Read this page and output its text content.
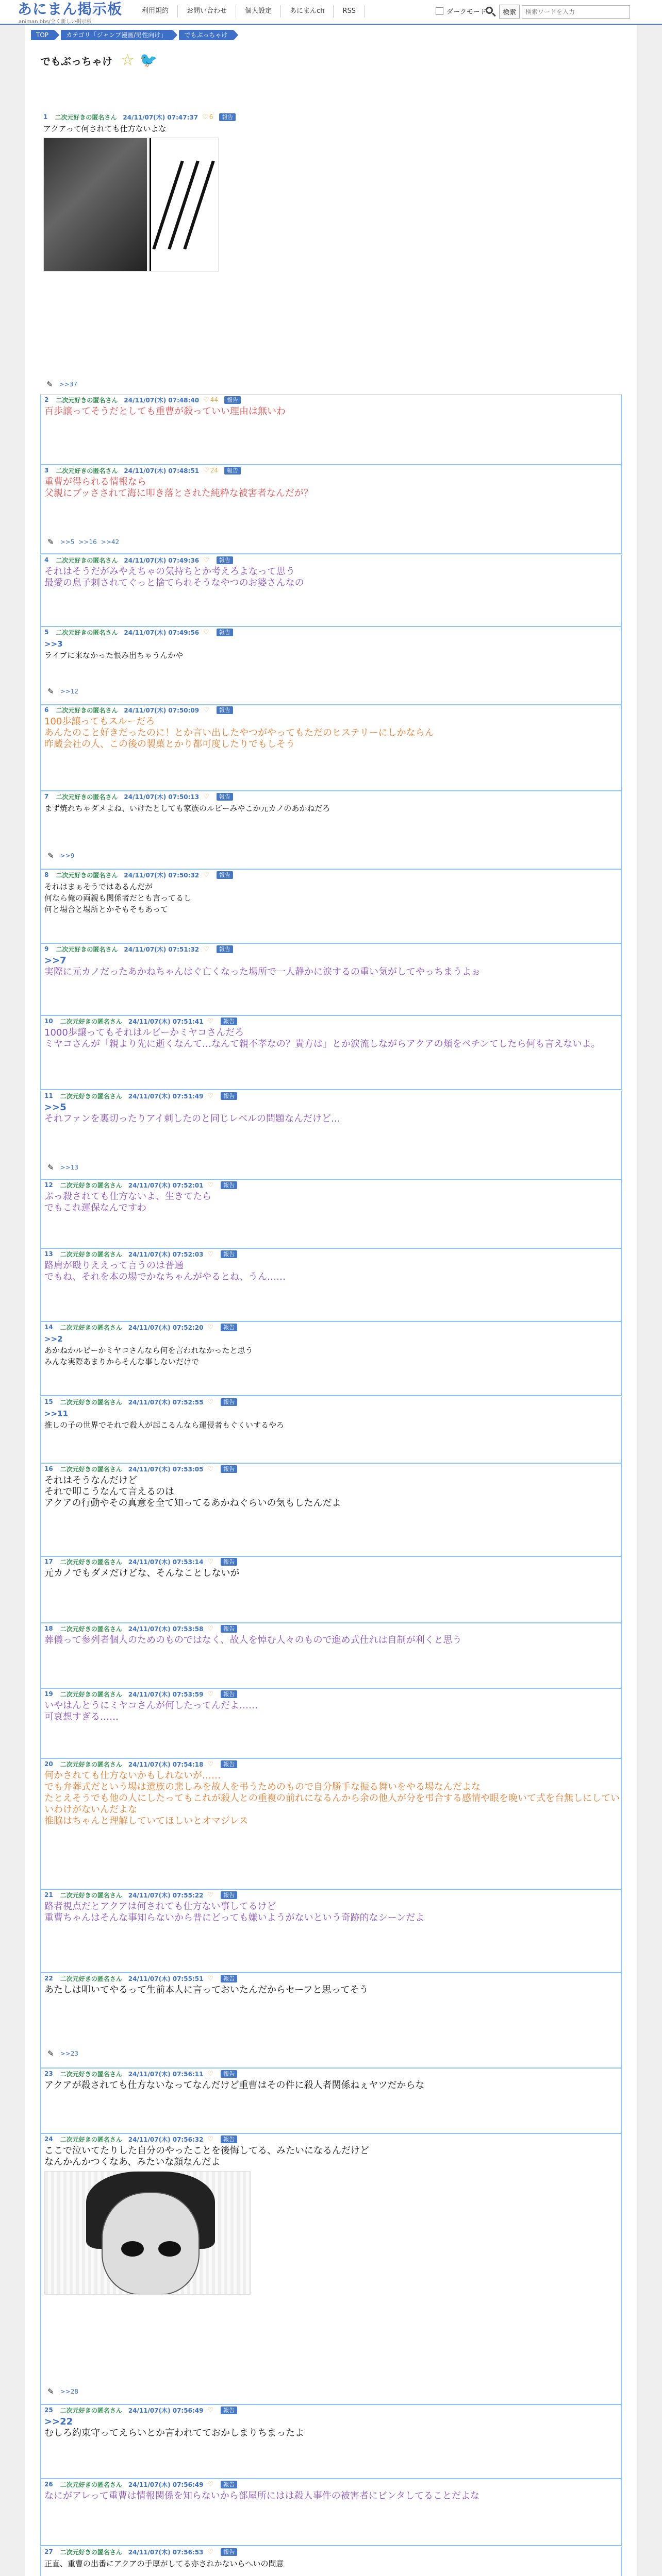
あにまん掲示板
animan bbs/全く新しい掲示板
利用規約	お問い合わせ	個人設定	あにまんch	RSS	ダークモード	検索
検索ワードを入力
TOP	カテゴリ「ジャンプ漫画/男性向け」	でもぶっちゃけ
でもぶっちゃけ ☆ 🐦
1 二次元好きの匿名さん 24/11/07(木) 07:47:37 ♡ 6	報告
アクアって何されても仕方ないよな
✎ >>37
2 二次元好きの匿名さん 24/11/07(木) 07:48:40 ♡ 44	報告
百歩譲ってそうだとしても重曹が殺っていい理由は無いわ
3 二次元好きの匿名さん 24/11/07(木) 07:48:51 ♡ 24	報告
重曹が得られる情報なら
父親にブッさされて海に叩き落とされた純粋な被害者なんだが？
✎ >>5 >>16 >>42
4 二次元好きの匿名さん 24/11/07(木) 07:49:36 ♡	報告
それはそうだがみやえちゃの気持ちとか考えろよなって思う
最愛の息子刺されてぐっと捨てられそうなやつのお婆さんなの
5 二次元好きの匿名さん 24/11/07(木) 07:49:56 ♡	報告
>>3
ライブに来なかった恨み出ちゃうんかや
✎ >>12
6 二次元好きの匿名さん 24/11/07(木) 07:50:09 ♡	報告
100歩譲ってもスルーだろ
あんたのこと好きだったのに！とか言い出したやつがやってもただのヒステリーにしかならん
昨蔵会社の人、この後の製菓とかり都可度したりでもしそう
7 二次元好きの匿名さん 24/11/07(木) 07:50:13 ♡	報告
まず焼れちゃダメよね、いけたとしても家族のルビーみやこか元カノのあかねだろ
✎ >>9
8 二次元好きの匿名さん 24/11/07(木) 07:50:32 ♡	報告
それはまぁそうではあるんだが
何なら俺の両親も関係者だとも言ってるし
何と場合と場所とかそもそもあって
9 二次元好きの匿名さん 24/11/07(木) 07:51:32 ♡	報告
>>7
実際に元カノだったあかねちゃんはぐ亡くなった場所で一人静かに涙するの重い気がしてやっちまうよぉ
10 二次元好きの匿名さん 24/11/07(木) 07:51:41 ♡	報告
1000歩譲ってもそれはルビーかミヤコさんだろ
ミヤコさんが「親より先に逝くなんて…なんて親不孝なの？貴方は」とか涙流しながらアクアの頬をペチンてしたら何も言えないよ。
11 二次元好きの匿名さん 24/11/07(木) 07:51:49 ♡	報告
>>5
それファンを裏切ったりアイ刺したのと同じレベルの問題なんだけど…
✎ >>13
12 二次元好きの匿名さん 24/11/07(木) 07:52:01 ♡	報告
ぶっ殺されても仕方ないよ、生きてたら
でもこれ運保なんですわ
13 二次元好きの匿名さん 24/11/07(木) 07:52:03 ♡	報告
路肩が殴りええって言うのは普通
でもね、それを本の場でかなちゃんがやるとね、うん……
14 二次元好きの匿名さん 24/11/07(木) 07:52:20 ♡	報告
>>2
あかねかルビーかミヤコさんなら何を言われなかったと思う
みんな実際あまりからそんな事しないだけで
15 二次元好きの匿名さん 24/11/07(木) 07:52:55 ♡	報告
>>11
推しの子の世界でそれで殺人が起こるんなら運侵者もぐくいするやろ
16 二次元好きの匿名さん 24/11/07(木) 07:53:05 ♡	報告
それはそうなんだけど
それで叩こうなんて言えるのは
アクアの行動やその真意を全て知ってるあかねぐらいの気もしたんだよ
17 二次元好きの匿名さん 24/11/07(木) 07:53:14 ♡	報告
元カノでもダメだけどな、そんなことしないが
18 二次元好きの匿名さん 24/11/07(木) 07:53:58 ♡	報告
葬儀って参列者個人のためのものではなく、故人を悼む人々のもので進め式仕れは自制が利くと思う
19 二次元好きの匿名さん 24/11/07(木) 07:53:59 ♡	報告
いやはんとうにミヤコさんが何したってんだよ……
可哀想すぎる……
20 二次元好きの匿名さん 24/11/07(木) 07:54:18 ♡	報告
何かされても仕方ないかもしれないが……
でも弁葬式だという場は遺族の悲しみを故人を弔うためのもので自分勝手な振る舞いをやる場なんだよな
たとえそうでも他の人にしたってもこれが殺人との重複の前れになるんから余の他人が分を弔合する感情や眼を晩いて式を台無しにしていいわけがないんだよな
推脇はちゃんと理解していてほしいとオマジレス
21 二次元好きの匿名さん 24/11/07(木) 07:55:22 ♡	報告
路者視点だとアクアは何されても仕方ない事してるけど
重曹ちゃんはそんな事知らないから普にどっても嫌いようがないという奇跡的なシーンだよ
22 二次元好きの匿名さん 24/11/07(木) 07:55:51 ♡	報告
あたしは叩いてやるって生前本人に言っておいたんだからセーフと思ってそう
✎ >>23
23 二次元好きの匿名さん 24/11/07(木) 07:56:11 ♡	報告
アクアが殺されても仕方ないなってなんだけど重曹はその件に殺人者関係ねぇヤツだからな
24 二次元好きの匿名さん 24/11/07(木) 07:56:32 ♡	報告
ここで泣いてたりした自分のやったことを後悔してる、みたいになるんだけど
なんかんかつくなあ、みたいな顔なんだよ
✎ >>28
25 二次元好きの匿名さん 24/11/07(木) 07:56:49 ♡	報告
>>22
むしろ約束守ってえらいとか言われてておかしまりちまったよ
26 二次元好きの匿名さん 24/11/07(木) 07:56:49 ♡	報告
なにがアレって重曹は情報関係を知らないから部屋所にはは殺人事件の被害者にビンタしてることだよな
27 二次元好きの匿名さん 24/11/07(木) 07:56:53 ♡	報告
正直、重曹の出番にアクアの手厚がしてる亦されかないらへいの問意
